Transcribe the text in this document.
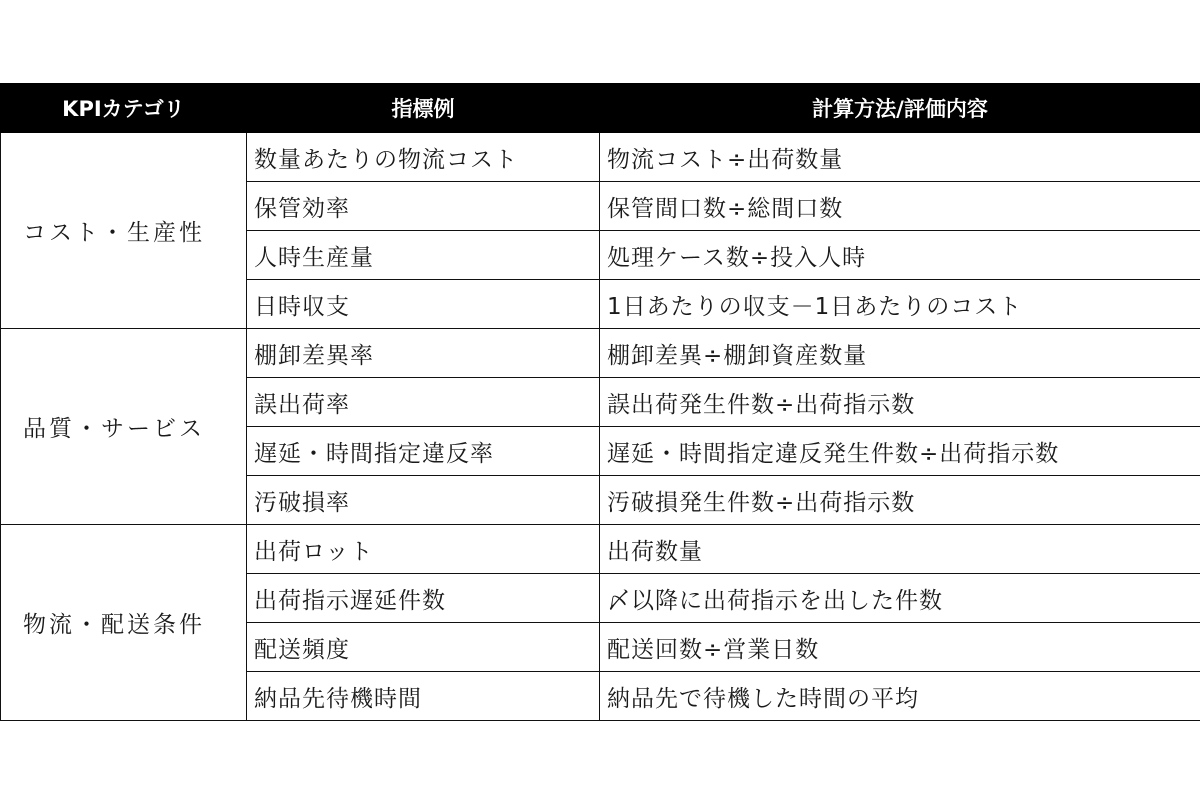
KPIカテゴリ	指標例	計算方法/評価内容
コスト・生産性	数量あたりの物流コスト	物流コスト÷出荷数量
	保管効率	保管間口数÷総間口数
	人時生産量	処理ケース数÷投入人時
	日時収支	1日あたりの収支－1日あたりのコスト
品質・サービス	棚卸差異率	棚卸差異÷棚卸資産数量
	誤出荷率	誤出荷発生件数÷出荷指示数
	遅延・時間指定違反率	遅延・時間指定違反発生件数÷出荷指示数
	汚破損率	汚破損発生件数÷出荷指示数
物流・配送条件	出荷ロット	出荷数量
	出荷指示遅延件数	〆以降に出荷指示を出した件数
	配送頻度	配送回数÷営業日数
	納品先待機時間	納品先で待機した時間の平均
